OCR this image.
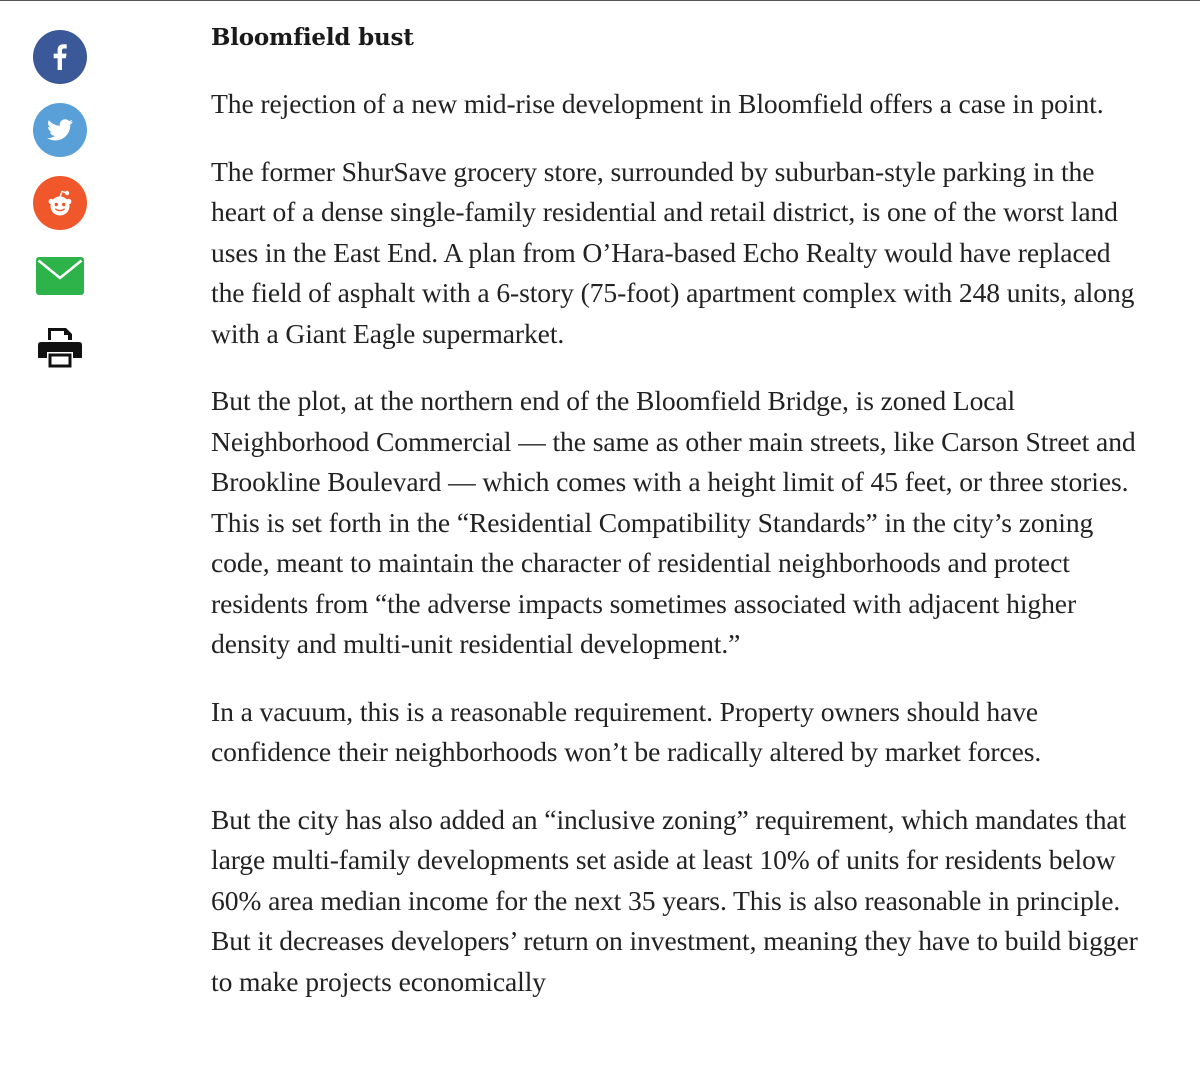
Bloomfield bust

The rejection of a new mid-rise development in Bloomfield offers a case in point.

The former ShurSave grocery store, surrounded by suburban-style parking in the heart of a dense single-family residential and retail district, is one of the worst land uses in the East End. A plan from O’Hara-based Echo Realty would have replaced the field of asphalt with a 6-story (75-foot) apartment complex with 248 units, along with a Giant Eagle supermarket.

But the plot, at the northern end of the Bloomfield Bridge, is zoned Local Neighborhood Commercial — the same as other main streets, like Carson Street and Brookline Boulevard — which comes with a height limit of 45 feet, or three stories. This is set forth in the “Residential Compatibility Standards” in the city’s zoning code, meant to maintain the character of residential neighborhoods and protect residents from “the adverse impacts sometimes associated with adjacent higher density and multi-unit residential development.”

In a vacuum, this is a reasonable requirement. Property owners should have confidence their neighborhoods won’t be radically altered by market forces.

But the city has also added an “inclusive zoning” requirement, which mandates that large multi-family developments set aside at least 10% of units for residents below 60% area median income for the next 35 years. This is also reasonable in principle. But it decreases developers’ return on investment, meaning they have to build bigger to make projects economically
